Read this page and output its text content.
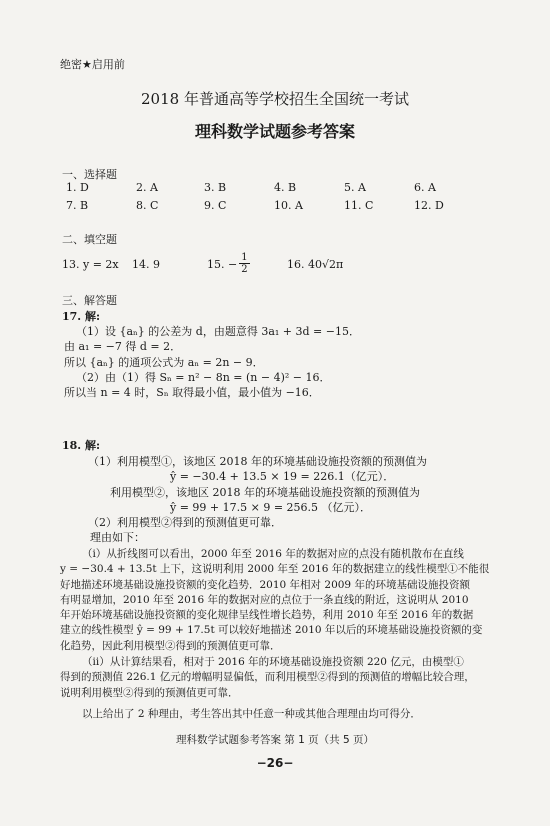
绝密★启用前
2018 年普通高等学校招生全国统一考试
理科数学试题参考答案
一、选择题
1. D	2. A	3. B	4. B	5. A	6. A
7. B	8. C	9. C	10. A	11. C	12. D
二、填空题
13. y = 2x	14. 9	15. − $\frac{1}{2}$	16. 40√2π
三、解答题
17. 解:
（1）设 {aₙ} 的公差为 d，由题意得 3a₁ + 3d = −15．
由 a₁ = −7 得 d = 2．
所以 {aₙ} 的通项公式为 aₙ = 2n − 9．
（2）由（1）得 Sₙ = n² − 8n = (n − 4)² − 16．
所以当 n = 4 时，Sₙ 取得最小值，最小值为 −16．
18. 解:
（1）利用模型①，该地区 2018 年的环境基础设施投资额的预测值为
ŷ = −30.4 + 13.5 × 19 = 226.1（亿元）．
利用模型②，该地区 2018 年的环境基础设施投资额的预测值为
ŷ = 99 + 17.5 × 9 = 256.5 （亿元）．
（2）利用模型②得到的预测值更可靠．
理由如下：
（ⅰ）从折线图可以看出，2000 年至 2016 年的数据对应的点没有随机散布在直线
y = −30.4 + 13.5t 上下，这说明利用 2000 年至 2016 年的数据建立的线性模型①不能很
好地描述环境基础设施投资额的变化趋势．2010 年相对 2009 年的环境基础设施投资额
有明显增加，2010 年至 2016 年的数据对应的点位于一条直线的附近，这说明从 2010
年开始环境基础设施投资额的变化规律呈线性增长趋势，利用 2010 年至 2016 年的数据
建立的线性模型 ŷ = 99 + 17.5t 可以较好地描述 2010 年以后的环境基础设施投资额的变
化趋势，因此利用模型②得到的预测值更可靠．
（ⅱ）从计算结果看，相对于 2016 年的环境基础设施投资额 220 亿元，由模型①
得到的预测值 226.1 亿元的增幅明显偏低，而利用模型②得到的预测值的增幅比较合理，
说明利用模型②得到的预测值更可靠．
以上给出了 2 种理由，考生答出其中任意一种或其他合理理由均可得分．
理科数学试题参考答案 第 1 页（共 5 页）
−26−
